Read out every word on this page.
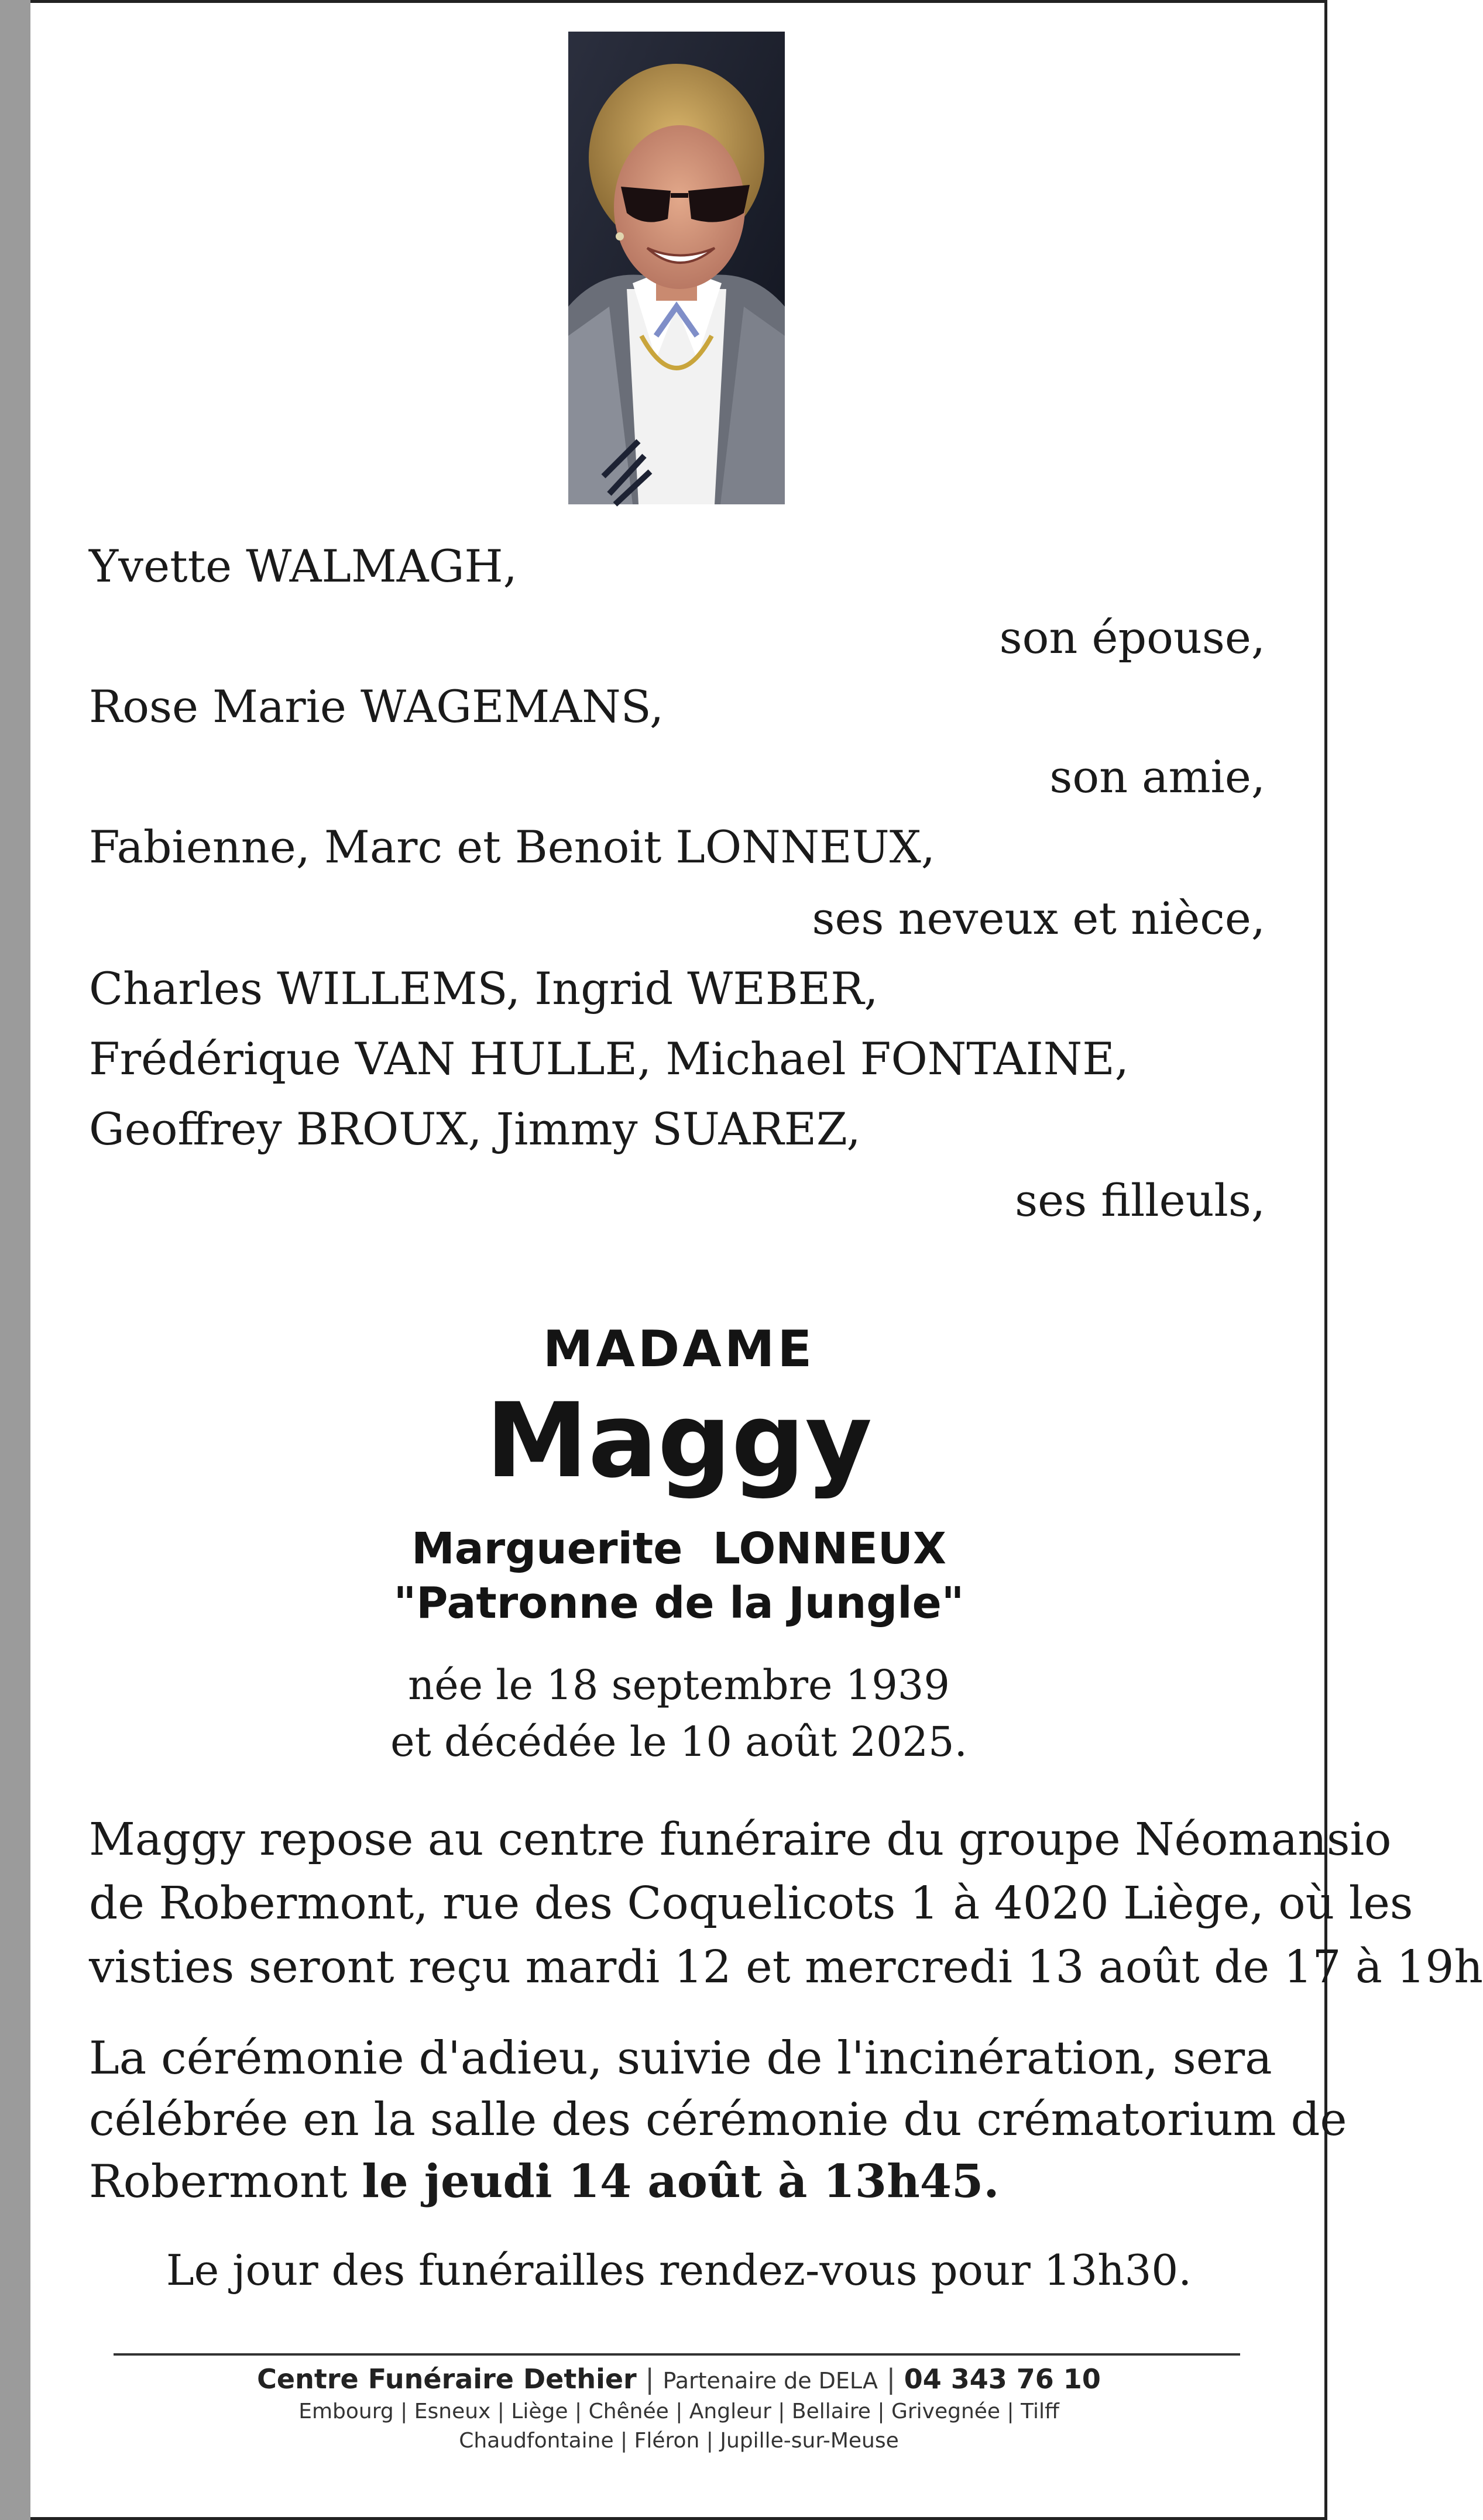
Yvette WALMAGH,
son épouse,
Rose Marie WAGEMANS,
son amie,
Fabienne, Marc et Benoit LONNEUX,
ses neveux et nièce,
Charles WILLEMS, Ingrid WEBER,
Frédérique VAN HULLE, Michael FONTAINE,
Geoffrey BROUX, Jimmy SUAREZ,
ses filleuls,
MADAME
Maggy
Marguerite  LONNEUX
"Patronne de la Jungle"
née le 18 septembre 1939
et décédée le 10 août 2025.
Maggy repose au centre funéraire du groupe Néomansio
de Robermont, rue des Coquelicots 1 à 4020 Liège, où les
visties seront reçu mardi 12 et mercredi 13 août de 17 à 19h
La cérémonie d'adieu, suivie de l'incinération, sera
célébrée en la salle des cérémonie du crématorium de
Robermont le jeudi 14 août à 13h45.
Le jour des funérailles rendez-vous pour 13h30.
Centre Funéraire Dethier | Partenaire de DELA | 04 343 76 10
Embourg | Esneux | Liège | Chênée | Angleur | Bellaire | Grivegnée | Tilff
Chaudfontaine | Fléron | Jupille-sur-Meuse
